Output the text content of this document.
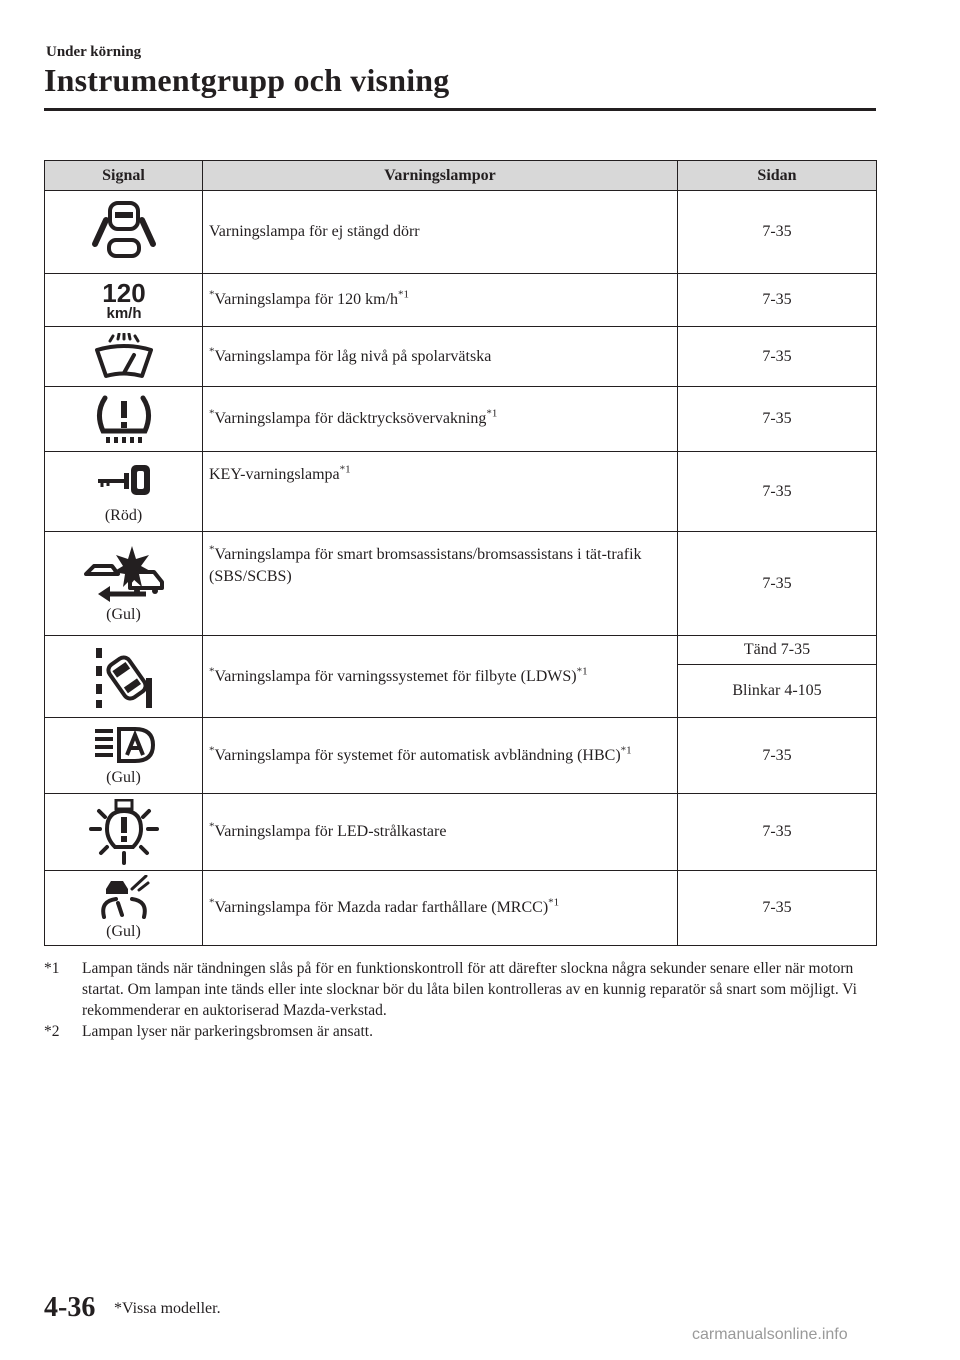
Under körning
Instrumentgrupp och visning
Signal	Varningslampor	Sidan

	Varningslampa för ej stängd dörr	7-35

120
km/h	*Varningslampa för 120 $km/h^{*1}$	7-35

	*Varningslampa för låg nivå på spolarvätska	7-35

	*Varningslampa för däcktrycksövervakning$^{*1}$	7-35

(Röd)	KEY-varningslampa$^{*1}$	7-35

(Gul)	*Varningslampa för smart bromsassistans/bromsassistans i tät-trafik (SBS/SCBS)	7-35

	*Varningslampa för varningssystemet för filbyte (LDWS)$^{*1}$	Tänd 7-35
Blinkar 4-105

(Gul)	*Varningslampa för systemet för automatisk avbländning (HBC)$^{*1}$	7-35

	*Varningslampa för LED-strålkastare	7-35

(Gul)	*Varningslampa för Mazda radar farthållare (MRCC)$^{*1}$	7-35
*1 Lampan tänds när tändningen slås på för en funktionskontroll för att därefter slockna några sekunder senare eller när motorn startat. Om lampan inte tänds eller inte slocknar bör du låta bilen kontrolleras av en kunnig reparatör så snart som möjligt. Vi rekommenderar en auktoriserad Mazda-verkstad.
*2 Lampan lyser när parkeringsbromsen är ansatt.
4-36 *Vissa modeller.
carmanualsonline.info
